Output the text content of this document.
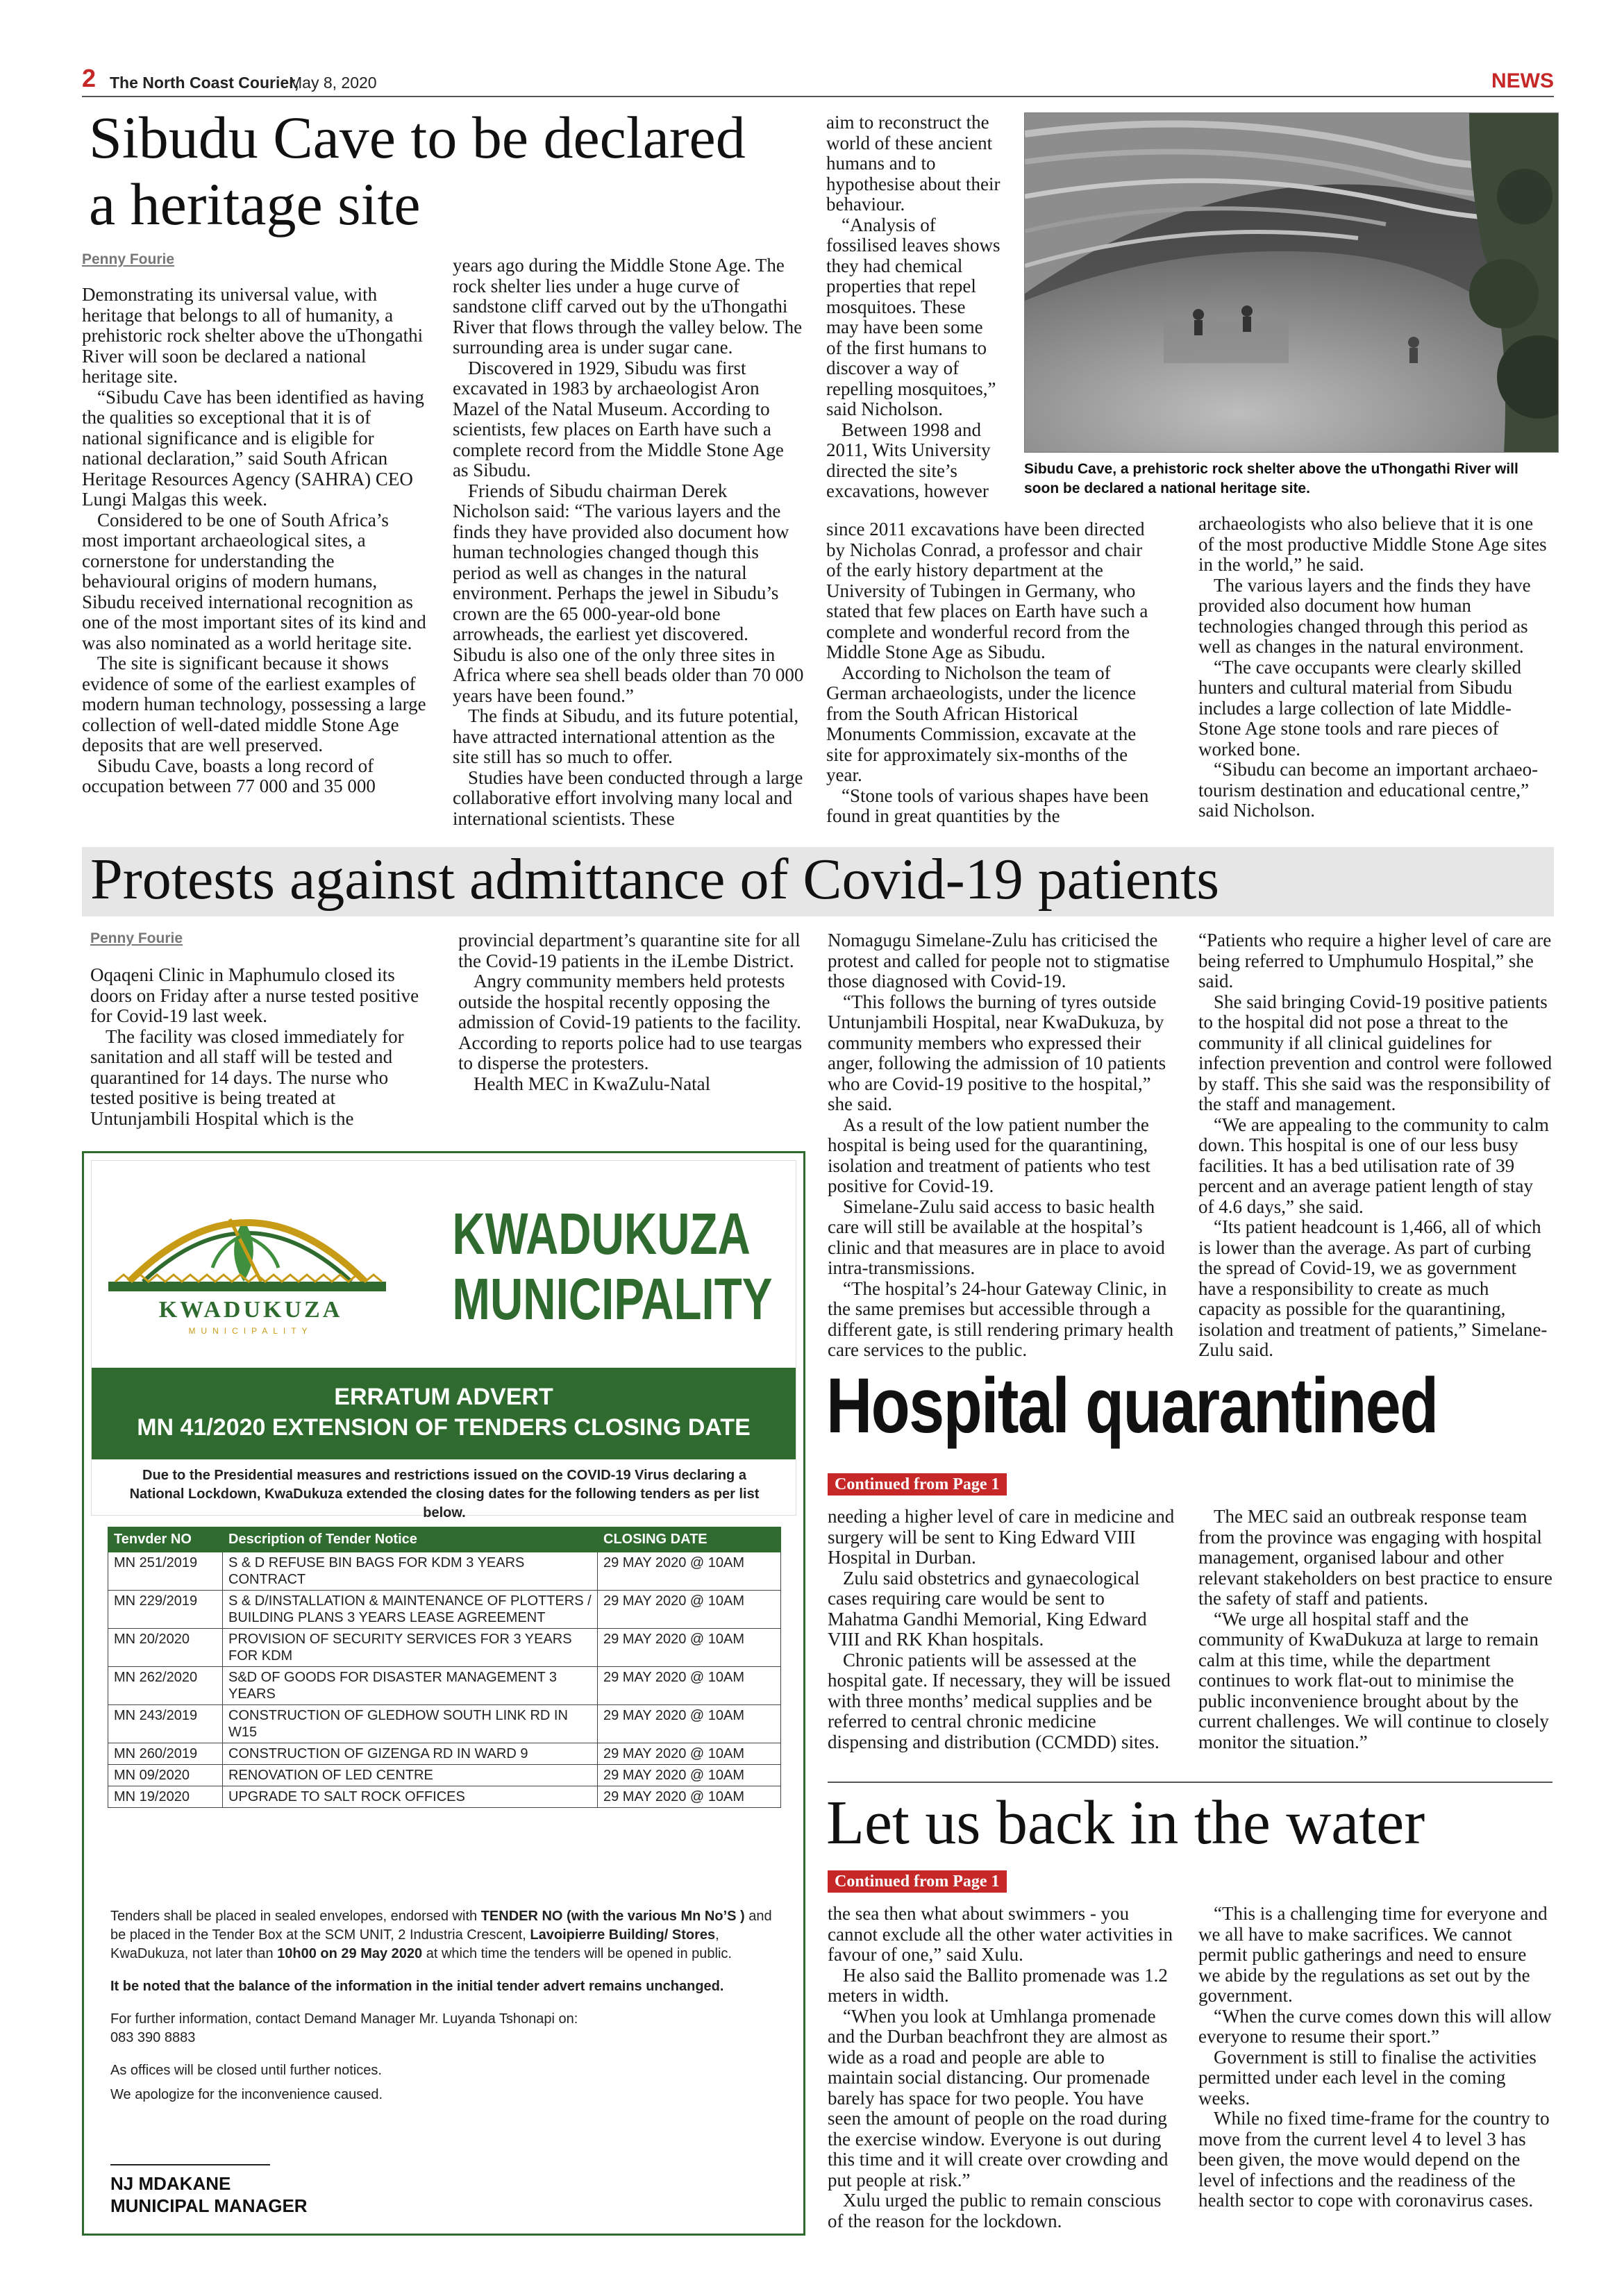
2 The North Coast Courier,
May 8, 2020	NEWS
Sibudu Cave to be declared
a heritage site
Penny Fourie

Demonstrating its universal value, with heritage that belongs to all of humanity, a prehistoric rock shelter above the uThongathi River will soon be declared a national heritage site.

“Sibudu Cave has been identified as having the qualities so exceptional that it is of national significance and is eligible for national declaration,” said South African Heritage Resources Agency (SAHRA) CEO Lungi Malgas this week.

Considered to be one of South Africa’s most important archaeological sites, a cornerstone for understanding the behavioural origins of modern humans, Sibudu received international recognition as one of the most important sites of its kind and was also nominated as a world heritage site.

The site is significant because it shows evidence of some of the earliest examples of modern human technology, possessing a large collection of well-dated middle Stone Age deposits that are well preserved.

Sibudu Cave, boasts a long record of occupation between 77 000 and 35 000

years ago during the Middle Stone Age. The rock shelter lies under a huge curve of sandstone cliff carved out by the uThongathi River that flows through the valley below. The surrounding area is under sugar cane.

Discovered in 1929, Sibudu was first excavated in 1983 by archaeologist Aron Mazel of the Natal Museum. According to scientists, few places on Earth have such a complete record from the Middle Stone Age as Sibudu.

Friends of Sibudu chairman Derek Nicholson said: “The various layers and the finds they have provided also document how human technologies changed though this period as well as changes in the natural environment. Perhaps the jewel in Sibudu’s crown are the 65 000-year-old bone arrowheads, the earliest yet discovered. Sibudu is also one of the only three sites in Africa where sea shell beads older than 70 000 years have been found.”

The finds at Sibudu, and its future potential, have attracted international attention as the site still has so much to offer.

Studies have been conducted through a large collaborative effort involving many local and international scientists. These

aim to reconstruct the world of these ancient humans and to hypothesise about their behaviour.

“Analysis of fossilised leaves shows they had chemical properties that repel mosquitoes. These may have been some of the first humans to discover a way of repelling mosquitoes,” said Nicholson.

Between 1998 and 2011, Wits University directed the site’s excavations, however

Sibudu Cave, a prehistoric rock shelter above the uThongathi River will soon be declared a national heritage site.

since 2011 excavations have been directed by Nicholas Conrad, a professor and chair of the early history department at the University of Tubingen in Germany, who stated that few places on Earth have such a complete and wonderful record from the Middle Stone Age as Sibudu.

According to Nicholson the team of German archaeologists, under the licence from the South African Historical Monuments Commission, excavate at the site for approximately six-months of the year.

“Stone tools of various shapes have been found in great quantities by the

archaeologists who also believe that it is one of the most productive Middle Stone Age sites in the world,” he said.

The various layers and the finds they have provided also document how human technologies changed through this period as well as changes in the natural environment.

“The cave occupants were clearly skilled hunters and cultural material from Sibudu includes a large collection of late Middle-Stone Age stone tools and rare pieces of worked bone.

“Sibudu can become an important archaeo-tourism destination and educational centre,” said Nicholson.

Protests against admittance of Covid-19 patients
Penny Fourie

Oqaqeni Clinic in Maphumulo closed its doors on Friday after a nurse tested positive for Covid-19 last week.

The facility was closed immediately for sanitation and all staff will be tested and quarantined for 14 days. The nurse who tested positive is being treated at Untunjambili Hospital which is the

provincial department’s quarantine site for all the Covid-19 patients in the iLembe District.

Angry community members held protests outside the hospital recently opposing the admission of Covid-19 patients to the facility. According to reports police had to use teargas to disperse the protesters.

Health MEC in KwaZulu-Natal

Nomagugu Simelane-Zulu has criticised the protest and called for people not to stigmatise those diagnosed with Covid-19.

“This follows the burning of tyres outside Untunjambili Hospital, near KwaDukuza, by community members who expressed their anger, following the admission of 10 patients who are Covid-19 positive to the hospital,” she said.

As a result of the low patient number the hospital is being used for the quarantining, isolation and treatment of patients who test positive for Covid-19.

Simelane-Zulu said access to basic health care will still be available at the hospital’s clinic and that measures are in place to avoid intra-transmissions.

“The hospital’s 24-hour Gateway Clinic, in the same premises but accessible through a different gate, is still rendering primary health care services to the public.

“Patients who require a higher level of care are being referred to Umphumulo Hospital,” she said.

She said bringing Covid-19 positive patients to the hospital did not pose a threat to the community if all clinical guidelines for infection prevention and control were followed by staff. This she said was the responsibility of the staff and management.

“We are appealing to the community to calm down. This hospital is one of our less busy facilities. It has a bed utilisation rate of 39 percent and an average patient length of stay of 4.6 days,” she said.

“Its patient headcount is 1,466, all of which is lower than the average. As part of curbing the spread of Covid-19, we as government have a responsibility to create as much capacity as possible for the quarantining, isolation and treatment of patients,” Simelane-Zulu said.

KWADUKUZA
MUNICIPALITY
KWADUKUZA
MUNICIPALITY
ERRATUM ADVERT
MN 41/2020 EXTENSION OF TENDERS CLOSING DATE
Due to the Presidential measures and restrictions issued on the COVID-19 Virus declaring a National Lockdown, KwaDukuza extended the closing dates for the following tenders as per list below.
Tenvder NO	Description of Tender Notice	CLOSING DATE
MN 251/2019	S & D REFUSE BIN BAGS FOR KDM 3 YEARS CONTRACT	29 MAY 2020 @ 10AM
MN 229/2019	S & D/INSTALLATION & MAINTENANCE OF PLOTTERS / BUILDING PLANS 3 YEARS LEASE AGREEMENT	29 MAY 2020 @ 10AM
MN 20/2020	PROVISION OF SECURITY SERVICES FOR 3 YEARS FOR KDM	29 MAY 2020 @ 10AM
MN 262/2020	S&D OF GOODS FOR DISASTER MANAGEMENT 3 YEARS	29 MAY 2020 @ 10AM
MN 243/2019	CONSTRUCTION OF GLEDHOW SOUTH LINK RD IN W15	29 MAY 2020 @ 10AM
MN 260/2019	CONSTRUCTION OF GIZENGA RD IN WARD 9	29 MAY 2020 @ 10AM
MN 09/2020	RENOVATION OF LED CENTRE	29 MAY 2020 @ 10AM
MN 19/2020	UPGRADE TO SALT ROCK OFFICES	29 MAY 2020 @ 10AM

Tenders shall be placed in sealed envelopes, endorsed with TENDER NO (with the various Mn No’S ) and be placed in the Tender Box at the SCM UNIT, 2 Industria Crescent, Lavoipierre Building/ Stores, KwaDukuza, not later than 10h00 on 29 May 2020 at which time the tenders will be opened in public.

It be noted that the balance of the information in the initial tender advert remains unchanged.

For further information, contact Demand Manager Mr. Luyanda Tshonapi on:

083 390 8883

As offices will be closed until further notices.

We apologize for the inconvenience caused.

NJ MDAKANE
MUNICIPAL MANAGER
Hospital quarantined
Continued from Page 1

needing a higher level of care in medicine and surgery will be sent to King Edward VIII Hospital in Durban.

Zulu said obstetrics and gynaecological cases requiring care would be sent to Mahatma Gandhi Memorial, King Edward VIII and RK Khan hospitals.

Chronic patients will be assessed at the hospital gate. If necessary, they will be issued with three months’ medical supplies and be referred to central chronic medicine dispensing and distribution (CCMDD) sites.

The MEC said an outbreak response team from the province was engaging with hospital management, organised labour and other relevant stakeholders on best practice to ensure the safety of staff and patients.

“We urge all hospital staff and the community of KwaDukuza at large to remain calm at this time, while the department continues to work flat-out to minimise the public inconvenience brought about by the current challenges. We will continue to closely monitor the situation.”

Let us back in the water
Continued from Page 1

the sea then what about swimmers - you cannot exclude all the other water activities in favour of one,” said Xulu.

He also said the Ballito promenade was 1.2 meters in width.

“When you look at Umhlanga promenade and the Durban beachfront they are almost as wide as a road and people are able to maintain social distancing. Our promenade barely has space for two people. You have seen the amount of people on the road during the exercise window. Everyone is out during this time and it will create over crowding and put people at risk.”

Xulu urged the public to remain conscious of the reason for the lockdown.

“This is a challenging time for everyone and we all have to make sacrifices. We cannot permit public gatherings and need to ensure we abide by the regulations as set out by the government.

“When the curve comes down this will allow everyone to resume their sport.”

Government is still to finalise the activities permitted under each level in the coming weeks.

While no fixed time-frame for the country to move from the current level 4 to level 3 has been given, the move would depend on the level of infections and the readiness of the health sector to cope with coronavirus cases.
